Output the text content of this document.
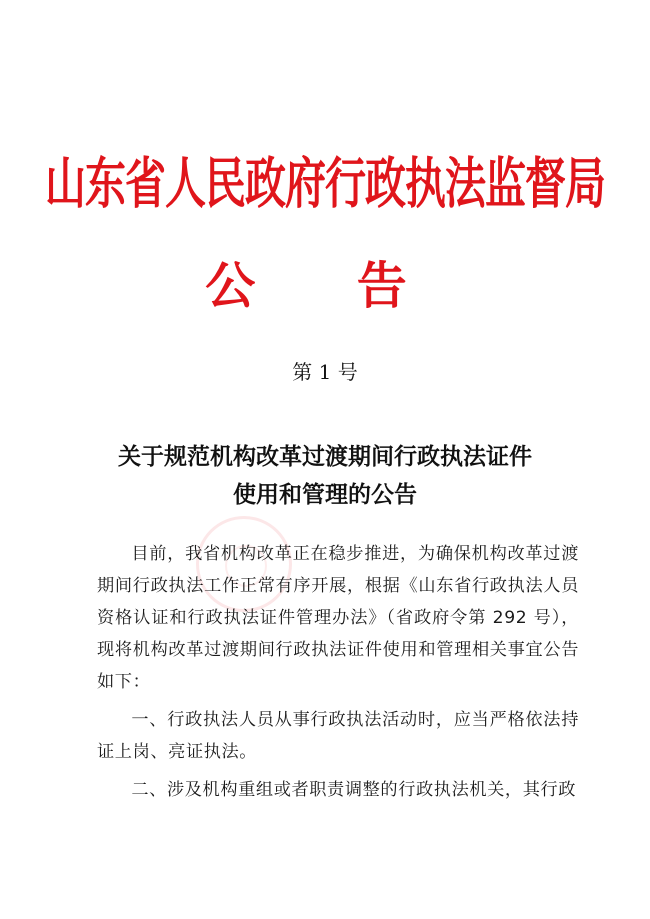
山东省人民政府行政执法监督局
公 告
第 1 号
关于规范机构改革过渡期间行政执法证件
使用和管理的公告

目前，我省机构改革正在稳步推进，为确保机构改革过渡期间行政执法工作正常有序开展，根据《山东省行政执法人员资格认证和行政执法证件管理办法》（省政府令第 292 号），现将机构改革过渡期间行政执法证件使用和管理相关事宜公告如下：

一、行政执法人员从事行政执法活动时，应当严格依法持证上岗、亮证执法。

二、涉及机构重组或者职责调整的行政执法机关，其行政
